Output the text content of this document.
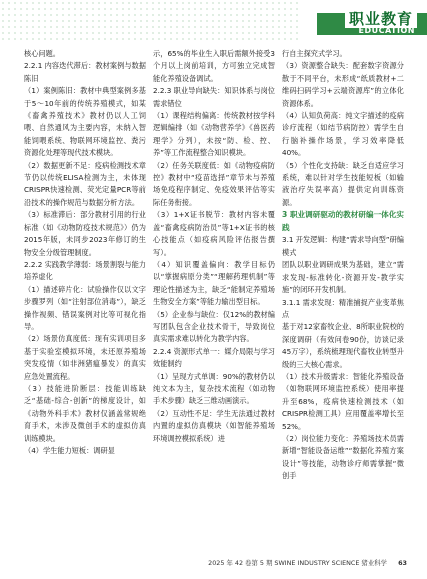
职业教育
EDUCATION

核心问题。

2.2.1 内容迭代滞后：教材案例与数据陈旧

（1）案例陈旧：教材中典型案例多基于5～10年前的传统养殖模式，如某《畜禽养殖技术》教材仍以人工饲喂、自然通风为主要内容，未纳入智能饲喂系统、物联网环境监控、粪污资源化处理等现代技术模块。

（2）数据更新不足：疫病检测技术章节仍以传统ELISA检测为主，未体现CRISPR快速检测、荧光定量PCR等前沿技术的操作规范与数据分析方法。

（3）标准滞后：部分教材引用的行业标准（如《动物防疫技术规范》）仍为2015年版，未同步2023年修订的生物安全分级管理制度。

2.2.2 实践教学薄弱：场景割裂与能力培养虚化

（1）描述碎片化：试验操作仅以文字步骤罗列（如“注射部位消毒”），缺乏操作视频、错误案例对比等可视化指导。

（2）场景仿真度低：现有实训项目多基于实验室模拟环境，未还原养殖场突发疫情（如非洲猪瘟暴发）的真实应急处置流程。

（3）技能进阶断层：技能训练缺乏“基础-综合-创新”的梯度设计，如《动物外科手术》教材仅涵盖常规绝育手术，未涉及微创手术的虚拟仿真训练模块。

（4）学生能力短板：调研显

示，65%的毕业生入职后需额外接受3个月以上岗前培训，方可独立完成智能化养殖设备调试。

2.2.3 职业导向缺失：知识体系与岗位需求错位

（1）课程结构偏离：传统教材按学科逻辑编排（如《动物营养学》《兽医药理学》分列），未按“防、检、控、养”等工作流程整合知识模块。

（2）任务关联度低：如《动物疫病防控》教材中“疫苗选择”章节未与养殖场免疫程序制定、免疫效果评估等实际任务衔接。

（3）1+X证书脱节：教材内容未覆盖“畜禽疫病防治员”等1+X证书的核心技能点（如疫病风险评估报告撰写）。

（4）知识覆盖偏向：教学目标仍以“掌握病原分类”“理解药理机制”等理论性描述为主，缺乏“能制定养殖场生物安全方案”等能力输出型目标。

（5）企业参与缺位：仅12%的教材编写团队包含企业技术骨干，导致岗位真实需求难以转化为教学内容。

2.2.4 资源形式单一：媒介局限与学习效能制约

（1）呈现方式单调：90%的教材仍以纯文本为主，复杂技术流程（如动物手术步骤）缺乏三维动画演示。

（2）互动性不足：学生无法通过教材内置的虚拟仿真模块（如智能养殖场环境调控模拟系统）进

行自主探究式学习。

（3）资源整合缺失：配套数字资源分散于不同平台，未形成“纸质教材+二维码扫码学习+云端资源库”的立体化资源体系。

（4）认知负荷高：纯文字描述的疫病诊疗流程（如结节病防控）需学生自行脑补操作场景，学习效率降低40%。

（5）个性化支持缺：缺乏自适应学习系统，难以针对学生技能短板（如输液治疗失误率高）提供定向训练资源。

3 职业调研驱动的教材研编一体化实践

3.1 开发逻辑：构建“需求导向型”研编模式

团队以职业调研成果为基础，建立“需求发现-标准转化-资源开发-教学实施”的闭环开发机制。

3.1.1 需求发现：精准捕捉产业变革焦点

基于对12家畜牧企业、8所职业院校的深度调研（有效问卷90份，访谈记录45万字），系统梳理现代畜牧业转型升级的三大核心需求。

（1）技术升级需求：智能化养殖设备（如物联网环境监控系统）使用率提升至68%，疫病快速检测技术（如CRISPR检测工具）应用覆盖率增长至52%。

（2）岗位能力变化：养殖场技术员需新增“智能设备运维”“数据化养殖方案设计”等技能，动物诊疗师需掌握“微创手

2025 年 42 卷第 5 期 SWINE INDUSTRY SCIENCE 猪业科学 63
